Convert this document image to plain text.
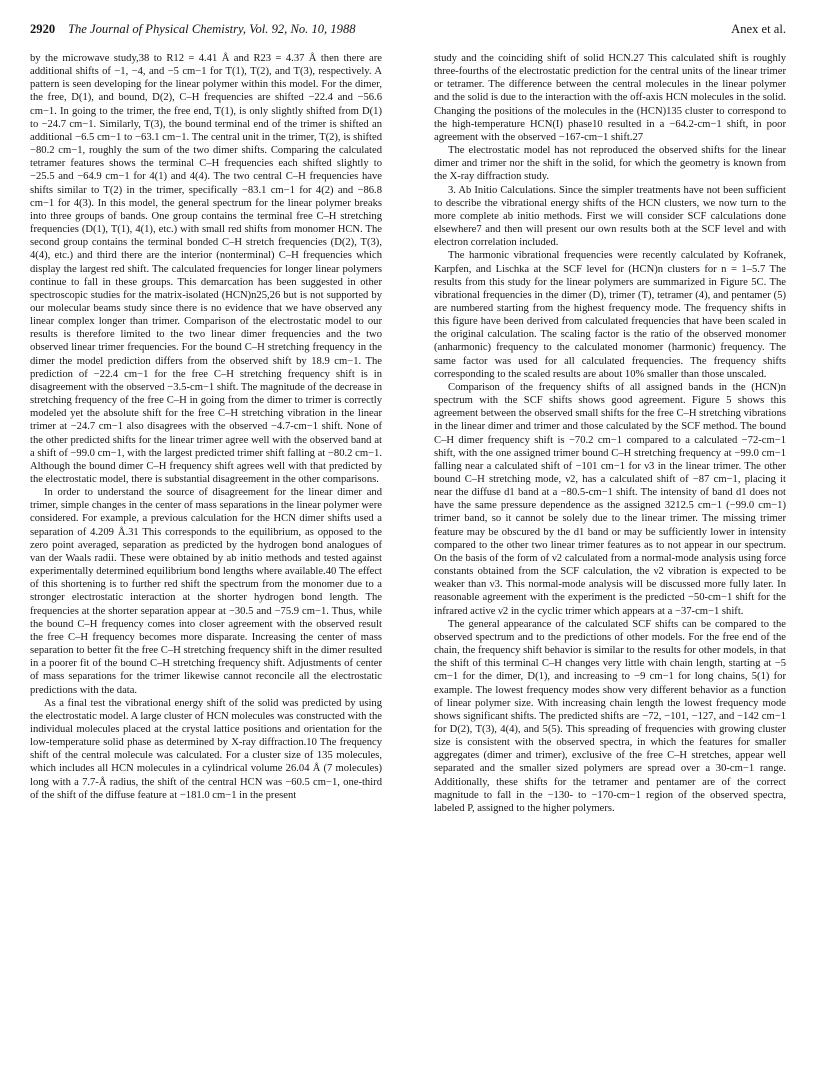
2920 The Journal of Physical Chemistry, Vol. 92, No. 10, 1988	Anex et al.

by the microwave study,38 to R12 = 4.41 Å and R23 = 4.37 Å then there are additional shifts of −1, −4, and −5 cm−1 for T(1), T(2), and T(3), respectively. A pattern is seen developing for the linear polymer within this model. For the dimer, the free, D(1), and bound, D(2), C–H frequencies are shifted −22.4 and −56.6 cm−1. In going to the trimer, the free end, T(1), is only slightly shifted from D(1) to −24.7 cm−1. Similarly, T(3), the bound terminal end of the trimer is shifted an additional −6.5 cm−1 to −63.1 cm−1. The central unit in the trimer, T(2), is shifted −80.2 cm−1, roughly the sum of the two dimer shifts. Comparing the calculated tetramer features shows the terminal C–H frequencies each shifted slightly to −25.5 and −64.9 cm−1 for 4(1) and 4(4). The two central C–H frequencies have shifts similar to T(2) in the trimer, specifically −83.1 cm−1 for 4(2) and −86.8 cm−1 for 4(3). In this model, the general spectrum for the linear polymer breaks into three groups of bands. One group contains the terminal free C–H stretching frequencies (D(1), T(1), 4(1), etc.) with small red shifts from monomer HCN. The second group contains the terminal bonded C–H stretch frequencies (D(2), T(3), 4(4), etc.) and third there are the interior (nonterminal) C–H frequencies which display the largest red shift. The calculated frequencies for longer linear polymers continue to fall in these groups. This demarcation has been suggested in other spectroscopic studies for the matrix-isolated (HCN)n25,26 but is not supported by our molecular beams study since there is no evidence that we have observed any linear complex longer than trimer. Comparison of the electrostatic model to our results is therefore limited to the two linear dimer frequencies and the two observed linear trimer frequencies. For the bound C–H stretching frequency in the dimer the model prediction differs from the observed shift by 18.9 cm−1. The prediction of −22.4 cm−1 for the free C–H stretching frequency shift is in disagreement with the observed −3.5-cm−1 shift. The magnitude of the decrease in stretching frequency of the free C–H in going from the dimer to trimer is correctly modeled yet the absolute shift for the free C–H stretching vibration in the linear trimer at −24.7 cm−1 also disagrees with the observed −4.7-cm−1 shift. None of the other predicted shifts for the linear trimer agree well with the observed band at a shift of −99.0 cm−1, with the largest predicted trimer shift falling at −80.2 cm−1. Although the bound dimer C–H frequency shift agrees well with that predicted by the electrostatic model, there is substantial disagreement in the other comparisons.

In order to understand the source of disagreement for the linear dimer and trimer, simple changes in the center of mass separations in the linear polymer were considered. For example, a previous calculation for the HCN dimer shifts used a separation of 4.209 Å.31 This corresponds to the equilibrium, as opposed to the zero point averaged, separation as predicted by the hydrogen bond analogues of van der Waals radii. These were obtained by ab initio methods and tested against experimentally determined equilibrium bond lengths where available.40 The effect of this shortening is to further red shift the spectrum from the monomer due to a stronger electrostatic interaction at the shorter hydrogen bond length. The frequencies at the shorter separation appear at −30.5 and −75.9 cm−1. Thus, while the bound C–H frequency comes into closer agreement with the observed result the free C–H frequency becomes more disparate. Increasing the center of mass separation to better fit the free C–H stretching frequency shift in the dimer resulted in a poorer fit of the bound C–H stretching frequency shift. Adjustments of center of mass separations for the trimer likewise cannot reconcile all the electrostatic predictions with the data.

As a final test the vibrational energy shift of the solid was predicted by using the electrostatic model. A large cluster of HCN molecules was constructed with the individual molecules placed at the crystal lattice positions and orientation for the low-temperature solid phase as determined by X-ray diffraction.10 The frequency shift of the central molecule was calculated. For a cluster size of 135 molecules, which includes all HCN molecules in a cylindrical volume 26.04 Å (7 molecules) long with a 7.7-Å radius, the shift of the central HCN was −60.5 cm−1, one-third of the shift of the diffuse feature at −181.0 cm−1 in the present

study and the coinciding shift of solid HCN.27 This calculated shift is roughly three-fourths of the electrostatic prediction for the central units of the linear trimer or tetramer. The difference between the central molecules in the linear polymer and the solid is due to the interaction with the off-axis HCN molecules in the solid. Changing the positions of the molecules in the (HCN)135 cluster to correspond to the high-temperature HCN(I) phase10 resulted in a −64.2-cm−1 shift, in poor agreement with the observed −167-cm−1 shift.27

The electrostatic model has not reproduced the observed shifts for the linear dimer and trimer nor the shift in the solid, for which the geometry is known from the X-ray diffraction study.

3. Ab Initio Calculations. Since the simpler treatments have not been sufficient to describe the vibrational energy shifts of the HCN clusters, we now turn to the more complete ab initio methods. First we will consider SCF calculations done elsewhere7 and then will present our own results both at the SCF level and with electron correlation included.

The harmonic vibrational frequencies were recently calculated by Kofranek, Karpfen, and Lischka at the SCF level for (HCN)n clusters for n = 1–5.7 The results from this study for the linear polymers are summarized in Figure 5C. The vibrational frequencies in the dimer (D), trimer (T), tetramer (4), and pentamer (5) are numbered starting from the highest frequency mode. The frequency shifts in this figure have been derived from calculated frequencies that have been scaled in the original calculation. The scaling factor is the ratio of the observed monomer (anharmonic) frequency to the calculated monomer (harmonic) frequency. The same factor was used for all calculated frequencies. The frequency shifts corresponding to the scaled results are about 10% smaller than those unscaled.

Comparison of the frequency shifts of all assigned bands in the (HCN)n spectrum with the SCF shifts shows good agreement. Figure 5 shows this agreement between the observed small shifts for the free C–H stretching vibrations in the linear dimer and trimer and those calculated by the SCF method. The bound C–H dimer frequency shift is −70.2 cm−1 compared to a calculated −72-cm−1 shift, with the one assigned trimer bound C–H stretching frequency at −99.0 cm−1 falling near a calculated shift of −101 cm−1 for ν3 in the linear trimer. The other bound C–H stretching mode, ν2, has a calculated shift of −87 cm−1, placing it near the diffuse d1 band at a −80.5-cm−1 shift. The intensity of band d1 does not have the same pressure dependence as the assigned 3212.5 cm−1 (−99.0 cm−1) trimer band, so it cannot be solely due to the linear trimer. The missing trimer feature may be obscured by the d1 band or may be sufficiently lower in intensity compared to the other two linear trimer features as to not appear in our spectrum. On the basis of the form of ν2 calculated from a normal-mode analysis using force constants obtained from the SCF calculation, the ν2 vibration is expected to be weaker than ν3. This normal-mode analysis will be discussed more fully later. In reasonable agreement with the experiment is the predicted −50-cm−1 shift for the infrared active ν2 in the cyclic trimer which appears at a −37-cm−1 shift.

The general appearance of the calculated SCF shifts can be compared to the observed spectrum and to the predictions of other models. For the free end of the chain, the frequency shift behavior is similar to the results for other models, in that the shift of this terminal C–H changes very little with chain length, starting at −5 cm−1 for the dimer, D(1), and increasing to −9 cm−1 for long chains, 5(1) for example. The lowest frequency modes show very different behavior as a function of linear polymer size. With increasing chain length the lowest frequency mode shows significant shifts. The predicted shifts are −72, −101, −127, and −142 cm−1 for D(2), T(3), 4(4), and 5(5). This spreading of frequencies with growing cluster size is consistent with the observed spectra, in which the features for smaller aggregates (dimer and trimer), exclusive of the free C–H stretches, appear well separated and the smaller sized polymers are spread over a 30-cm−1 range. Additionally, these shifts for the tetramer and pentamer are of the correct magnitude to fall in the −130- to −170-cm−1 region of the observed spectra, labeled P, assigned to the higher polymers.
